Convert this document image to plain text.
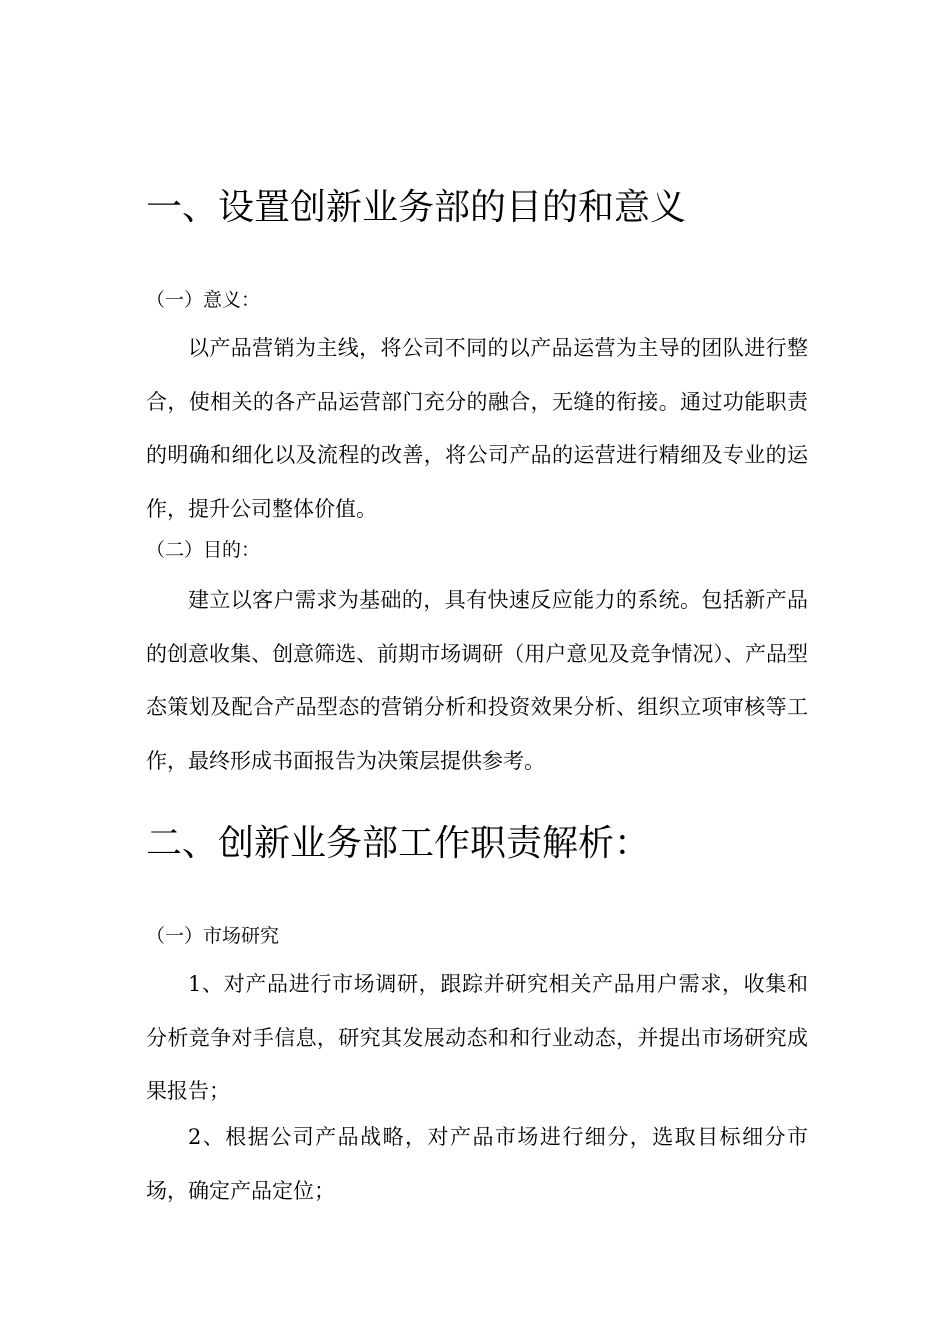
一、设置创新业务部的目的和意义
（一）意义：
以产品营销为主线，将公司不同的以产品运营为主导的团队进行整合，使相关的各产品运营部门充分的融合，无缝的衔接。通过功能职责的明确和细化以及流程的改善，将公司产品的运营进行精细及专业的运作，提升公司整体价值。
（二）目的：
建立以客户需求为基础的，具有快速反应能力的系统。包括新产品的创意收集、创意筛选、前期市场调研（用户意见及竞争情况）、产品型态策划及配合产品型态的营销分析和投资效果分析、组织立项审核等工作，最终形成书面报告为决策层提供参考。
二、创新业务部工作职责解析：
（一）市场研究
1、对产品进行市场调研，跟踪并研究相关产品用户需求，收集和分析竞争对手信息，研究其发展动态和和行业动态，并提出市场研究成果报告；
2、根据公司产品战略，对产品市场进行细分，选取目标细分市场，确定产品定位；
